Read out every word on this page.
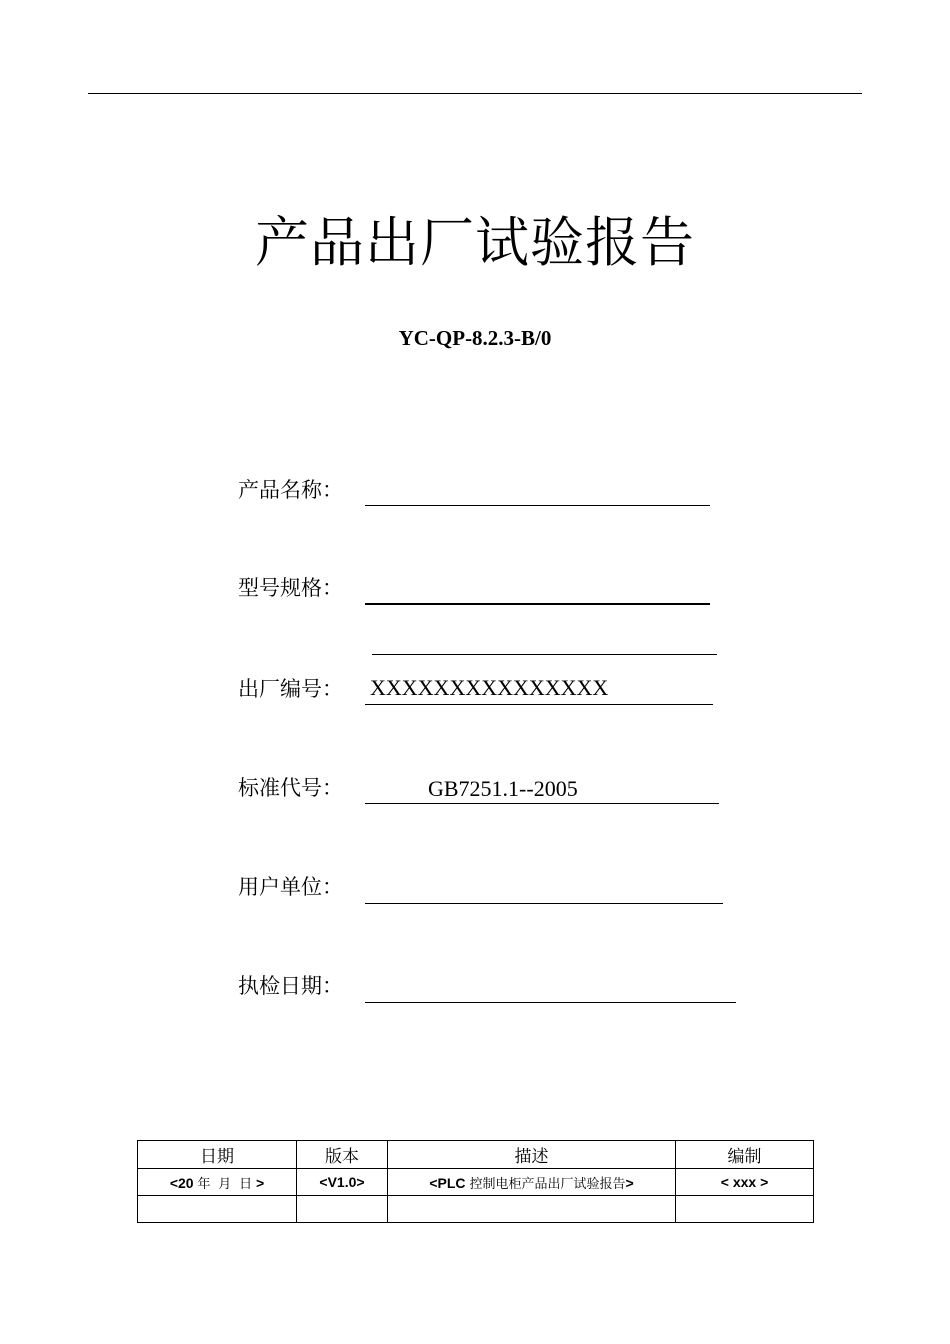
产品出厂试验报告
YC-QP-8.2.3-B/0
产品名称：
型号规格：
出厂编号： XXXXXXXXXXXXXXX
标准代号：	GB7251.1--2005
用户单位：
执检日期：
日期	版本	描述	编制
<20 年 月 日 >	<V1.0>	<PLC 控制电柜产品出厂试验报告>	< xxx >
